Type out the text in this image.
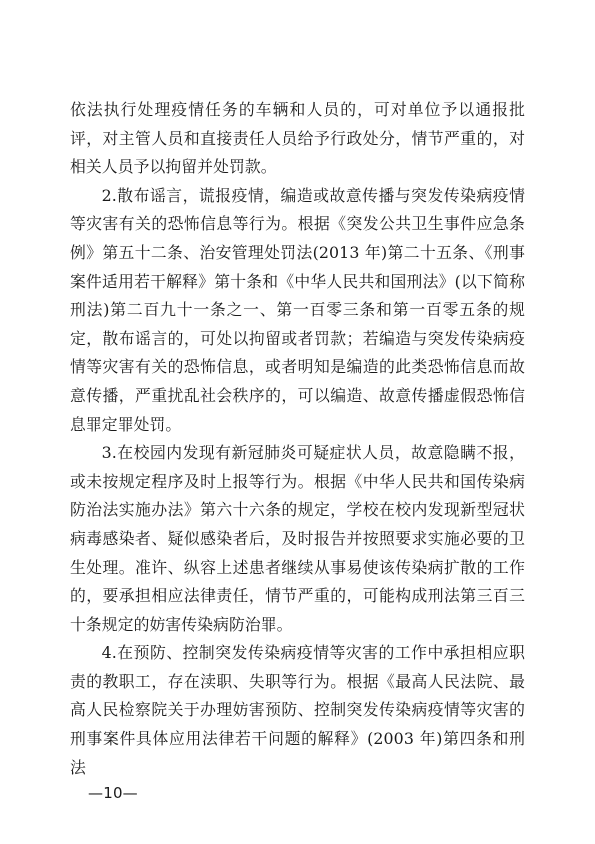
依法执行处理疫情任务的车辆和人员的，可对单位予以通报批评，对主管人员和直接责任人员给予行政处分，情节严重的，对相关人员予以拘留并处罚款。

2.散布谣言，谎报疫情，编造或故意传播与突发传染病疫情等灾害有关的恐怖信息等行为。根据《突发公共卫生事件应急条例》第五十二条、治安管理处罚法(2013 年)第二十五条、《刑事案件适用若干解释》第十条和《中华人民共和国刑法》(以下简称刑法)第二百九十一条之一、第一百零三条和第一百零五条的规定，散布谣言的，可处以拘留或者罚款；若编造与突发传染病疫情等灾害有关的恐怖信息，或者明知是编造的此类恐怖信息而故意传播，严重扰乱社会秩序的，可以编造、故意传播虚假恐怖信息罪定罪处罚。

3.在校园内发现有新冠肺炎可疑症状人员，故意隐瞒不报，或未按规定程序及时上报等行为。根据《中华人民共和国传染病防治法实施办法》第六十六条的规定，学校在校内发现新型冠状病毒感染者、疑似感染者后，及时报告并按照要求实施必要的卫生处理。准许、纵容上述患者继续从事易使该传染病扩散的工作的，要承担相应法律责任，情节严重的，可能构成刑法第三百三十条规定的妨害传染病防治罪。

4.在预防、控制突发传染病疫情等灾害的工作中承担相应职责的教职工，存在渎职、失职等行为。根据《最高人民法院、最高人民检察院关于办理妨害预防、控制突发传染病疫情等灾害的刑事案件具体应用法律若干问题的解释》(2003 年)第四条和刑法

—10—
